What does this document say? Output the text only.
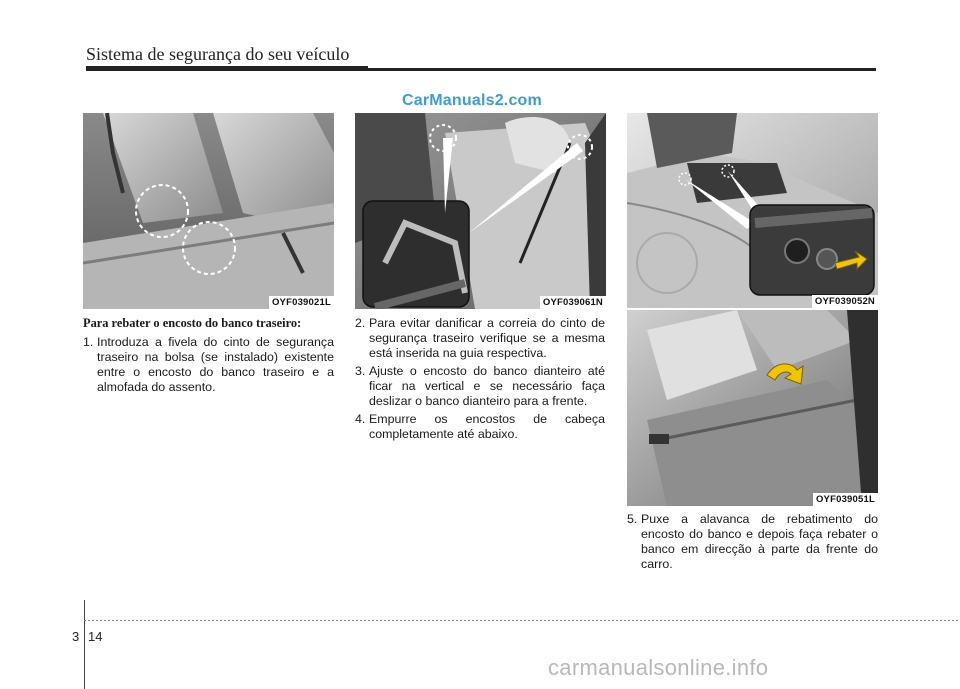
Sistema de segurança do seu veículo
CarManuals2.com
OYF039021L	OYF039061N	OYF039052N
OYF039051L
Para rebater o encosto do banco traseiro:
1. Introduza a fivela do cinto de segurança traseiro na bolsa (se instalado) existente entre o encosto do banco traseiro e a almofada do assento.
2. Para evitar danificar a correia do cinto de segurança traseiro verifique se a mesma está inserida na guia respectiva.
3. Ajuste o encosto do banco dianteiro até ficar na vertical e se necessário faça deslizar o banco dianteiro para a frente.
4. Empurre os encostos de cabeça completamente até abaixo.
5. Puxe a alavanca de rebatimento do encosto do banco e depois faça rebater o banco em direcção à parte da frente do carro.
3 14
carmanualsonline.info
